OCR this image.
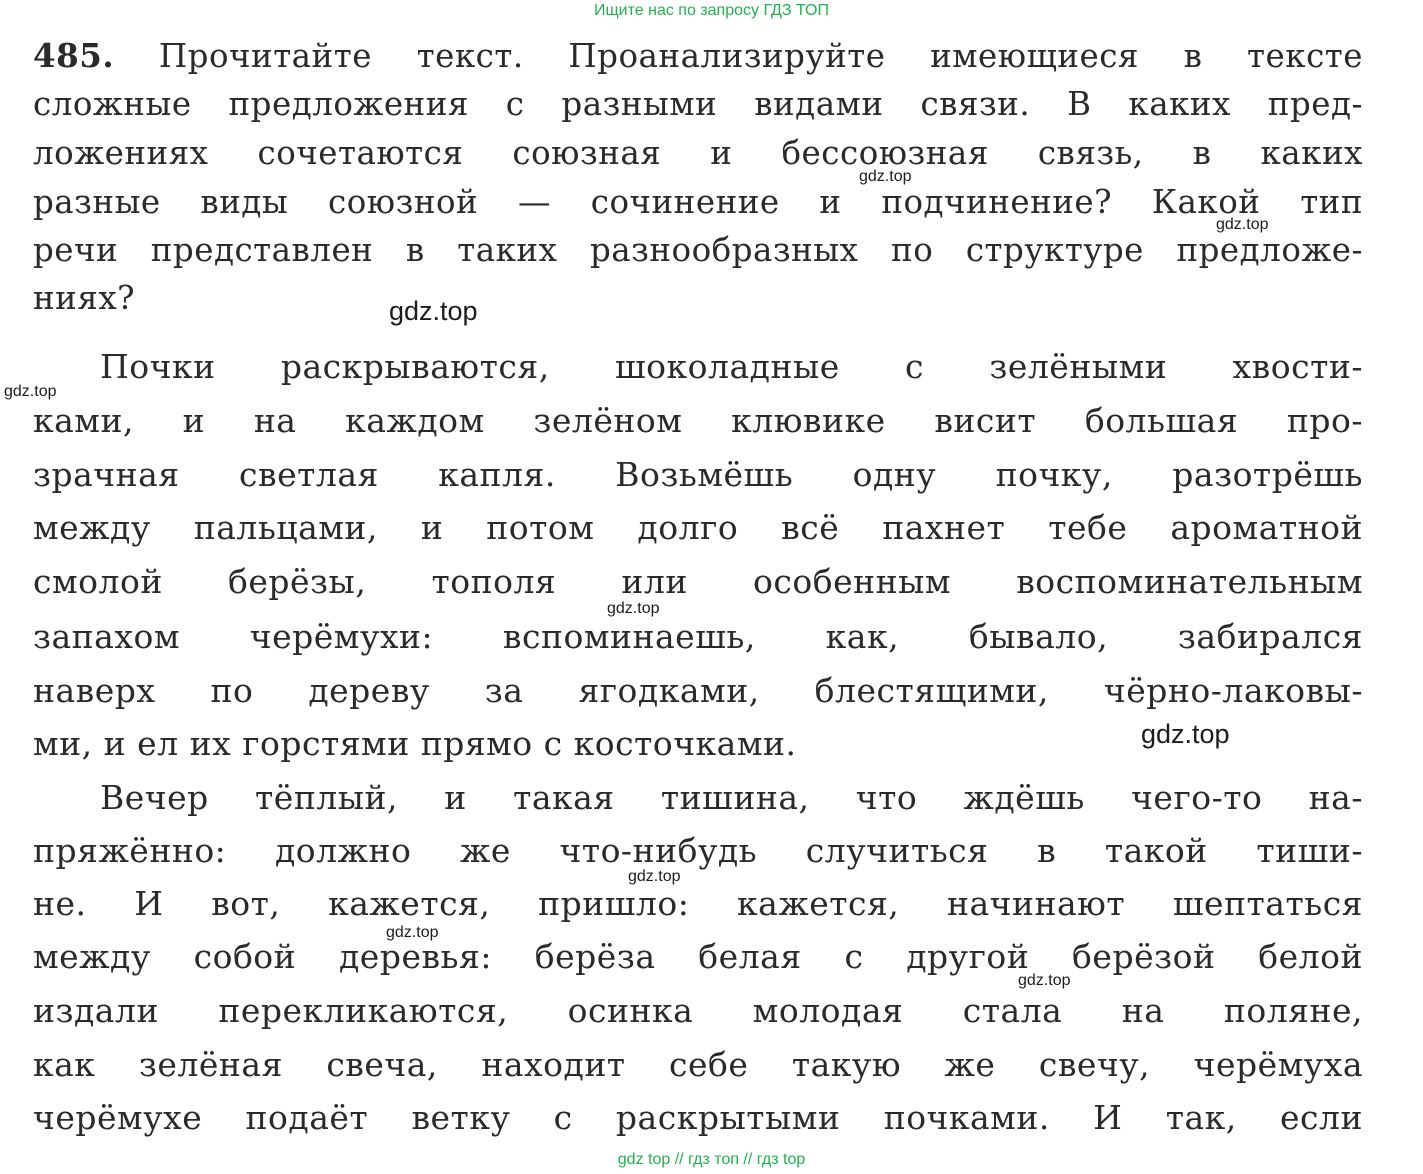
Ищите нас по запросу ГДЗ ТОП
485. Прочитайте текст. Проанализируйте имеющиеся в тексте
сложные предложения с разными видами связи. В каких пред-
ложениях сочетаются союзная и бессоюзная связь, в каких
разные виды союзной — сочинение и подчинение? Какой тип
речи представлен в таких разнообразных по структуре предложе-
ниях?
Почки раскрываются, шоколадные с зелёными хвости-
ками, и на каждом зелёном клювике висит большая про-
зрачная светлая капля. Возьмёшь одну почку, разотрёшь
между пальцами, и потом долго всё пахнет тебе ароматной
смолой берёзы, тополя или особенным воспоминательным
запахом черёмухи: вспоминаешь, как, бывало, забирался
наверх по дереву за ягодками, блестящими, чёрно-лаковы-
ми, и ел их горстями прямо с косточками.
Вечер тёплый, и такая тишина, что ждёшь чего-то на-
пряжённо: должно же что-нибудь случиться в такой тиши-
не. И вот, кажется, пришло: кажется, начинают шептаться
между собой деревья: берёза белая с другой берёзой белой
издали перекликаются, осинка молодая стала на поляне,
как зелёная свеча, находит себе такую же свечу, черёмуха
черёмухе подаёт ветку с раскрытыми почками. И так, если
gdz.top
gdz.top
gdz.top
gdz.top
gdz.top
gdz.top
gdz.top
gdz.top
gdz.top
gdz top // гдз топ // гдз top
